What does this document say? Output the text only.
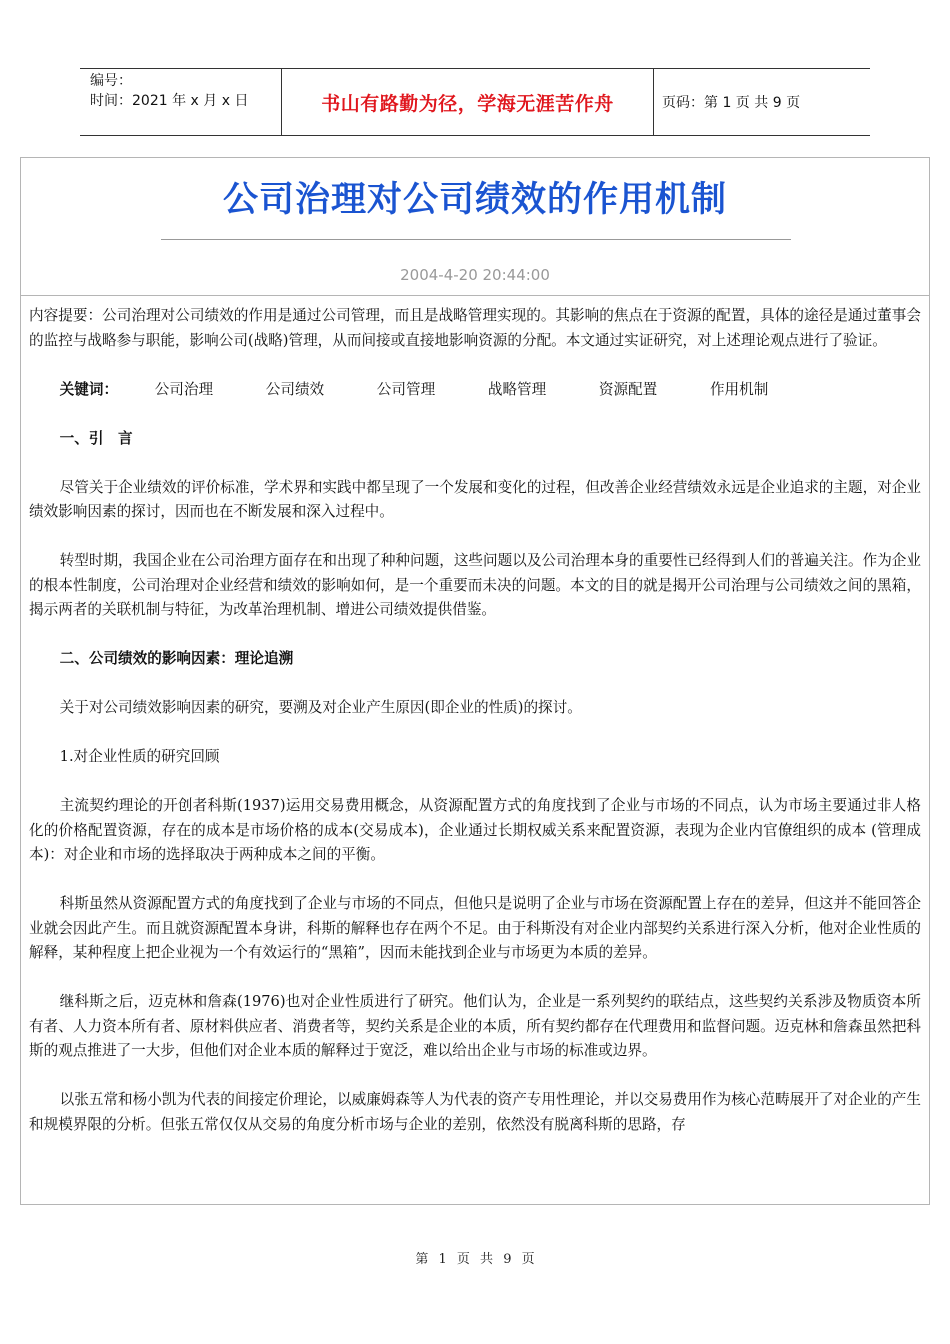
编号：
时间：2021 年 x 月 x 日	书山有路勤为径，学海无涯苦作舟	页码：第 1 页 共 9 页
公司治理对公司绩效的作用机制
2004-4-20 20:44:00

内容提要：公司治理对公司绩效的作用是通过公司管理，而且是战略管理实现的。其影响的焦点在于资源的配置，具体的途径是通过董事会的监控与战略参与职能，影响公司(战略)管理，从而间接或直接地影响资源的分配。本文通过实证研究，对上述理论观点进行了验证。

关键词：	公司治理	公司绩效	公司管理	战略管理	资源配置	作用机制

一、引　言

尽管关于企业绩效的评价标准，学术界和实践中都呈现了一个发展和变化的过程，但改善企业经营绩效永远是企业追求的主题，对企业绩效影响因素的探讨，因而也在不断发展和深入过程中。

转型时期，我国企业在公司治理方面存在和出现了种种问题，这些问题以及公司治理本身的重要性已经得到人们的普遍关注。作为企业的根本性制度，公司治理对企业经营和绩效的影响如何，是一个重要而未决的问题。本文的目的就是揭开公司治理与公司绩效之间的黑箱，揭示两者的关联机制与特征，为改革治理机制、增进公司绩效提供借鉴。

二、公司绩效的影响因素：理论追溯

关于对公司绩效影响因素的研究，要溯及对企业产生原因(即企业的性质)的探讨。

1.对企业性质的研究回顾

主流契约理论的开创者科斯(1937)运用交易费用概念，从资源配置方式的角度找到了企业与市场的不同点，认为市场主要通过非人格化的价格配置资源，存在的成本是市场价格的成本(交易成本)，企业通过长期权威关系来配置资源，表现为企业内官僚组织的成本 (管理成本)：对企业和市场的选择取决于两种成本之间的平衡。

科斯虽然从资源配置方式的角度找到了企业与市场的不同点，但他只是说明了企业与市场在资源配置上存在的差异，但这并不能回答企业就会因此产生。而且就资源配置本身讲，科斯的解释也存在两个不足。由于科斯没有对企业内部契约关系进行深入分析，他对企业性质的解释，某种程度上把企业视为一个有效运行的“黑箱”，因而未能找到企业与市场更为本质的差异。

继科斯之后，迈克林和詹森(1976)也对企业性质进行了研究。他们认为，企业是一系列契约的联结点，这些契约关系涉及物质资本所有者、人力资本所有者、原材料供应者、消费者等，契约关系是企业的本质，所有契约都存在代理费用和监督问题。迈克林和詹森虽然把科斯的观点推进了一大步，但他们对企业本质的解释过于宽泛，难以给出企业与市场的标准或边界。

以张五常和杨小凯为代表的间接定价理论，以威廉姆森等人为代表的资产专用性理论，并以交易费用作为核心范畴展开了对企业的产生和规模界限的分析。但张五常仅仅从交易的角度分析市场与企业的差别，依然没有脱离科斯的思路，存

第 1 页 共 9 页
